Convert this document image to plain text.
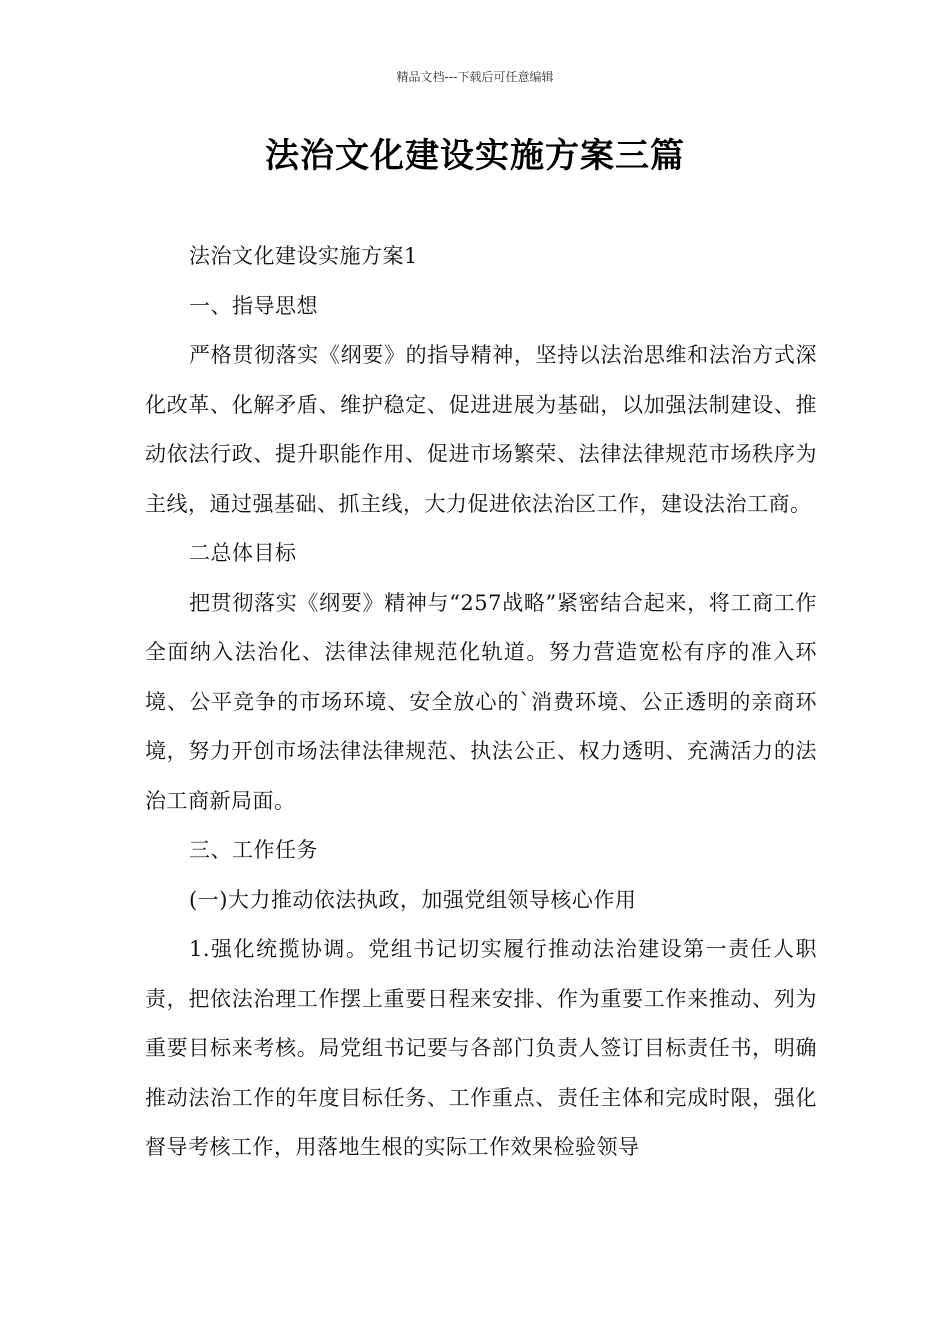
精品文档---下载后可任意编辑
法治文化建设实施方案三篇

法治文化建设实施方案1

一、指导思想

严格贯彻落实《纲要》的指导精神，坚持以法治思维和法治方式深化改革、化解矛盾、维护稳定、促进进展为基础，以加强法制建设、推动依法行政、提升职能作用、促进市场繁荣、法律法律规范市场秩序为主线，通过强基础、抓主线，大力促进依法治区工作，建设法治工商。

二总体目标

把贯彻落实《纲要》精神与“257战略”紧密结合起来，将工商工作全面纳入法治化、法律法律规范化轨道。努力营造宽松有序的准入环境、公平竞争的市场环境、安全放心的`消费环境、公正透明的亲商环境，努力开创市场法律法律规范、执法公正、权力透明、充满活力的法治工商新局面。

三、工作任务

(一)大力推动依法执政，加强党组领导核心作用

1.强化统揽协调。党组书记切实履行推动法治建设第一责任人职责，把依法治理工作摆上重要日程来安排、作为重要工作来推动、列为重要目标来考核。局党组书记要与各部门负责人签订目标责任书，明确推动法治工作的年度目标任务、工作重点、责任主体和完成时限，强化督导考核工作，用落地生根的实际工作效果检验领导
